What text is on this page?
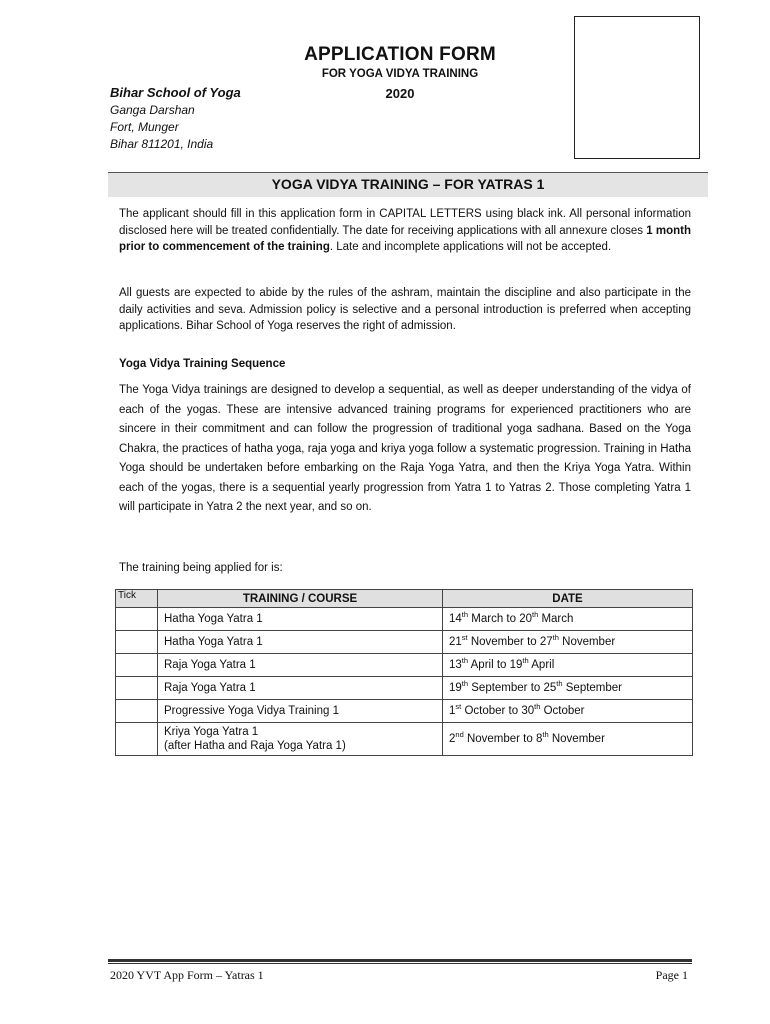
APPLICATION FORM
FOR YOGA VIDYA TRAINING
2020
Bihar School of Yoga
Ganga Darshan
Fort, Munger
Bihar 811201, India
YOGA VIDYA TRAINING – FOR YATRAS 1

The applicant should fill in this application form in CAPITAL LETTERS using black ink. All personal information disclosed here will be treated confidentially. The date for receiving applications with all annexure closes 1 month prior to commencement of the training. Late and incomplete applications will not be accepted.

All guests are expected to abide by the rules of the ashram, maintain the discipline and also participate in the daily activities and seva. Admission policy is selective and a personal introduction is preferred when accepting applications. Bihar School of Yoga reserves the right of admission.

Yoga Vidya Training Sequence

The Yoga Vidya trainings are designed to develop a sequential, as well as deeper understanding of the vidya of each of the yogas. These are intensive advanced training programs for experienced practitioners who are sincere in their commitment and can follow the progression of traditional yoga sadhana. Based on the Yoga Chakra, the practices of hatha yoga, raja yoga and kriya yoga follow a systematic progression. Training in Hatha Yoga should be undertaken before embarking on the Raja Yoga Yatra, and then the Kriya Yoga Yatra. Within each of the yogas, there is a sequential yearly progression from Yatra 1 to Yatras 2. Those completing Yatra 1 will participate in Yatra 2 the next year, and so on.

The training being applied for is:
Tick	TRAINING / COURSE	DATE
	Hatha Yoga Yatra 1	14th March to 20th March
	Hatha Yoga Yatra 1	21st November to 27th November
	Raja Yoga Yatra 1	13th April to 19th April
	Raja Yoga Yatra 1	19th September to 25th September
	Progressive Yoga Vidya Training 1	1st October to 30th October
	Kriya Yoga Yatra 1
(after Hatha and Raja Yoga Yatra 1)	2nd November to 8th November
2020 YVT App Form – Yatras 1	Page 1
